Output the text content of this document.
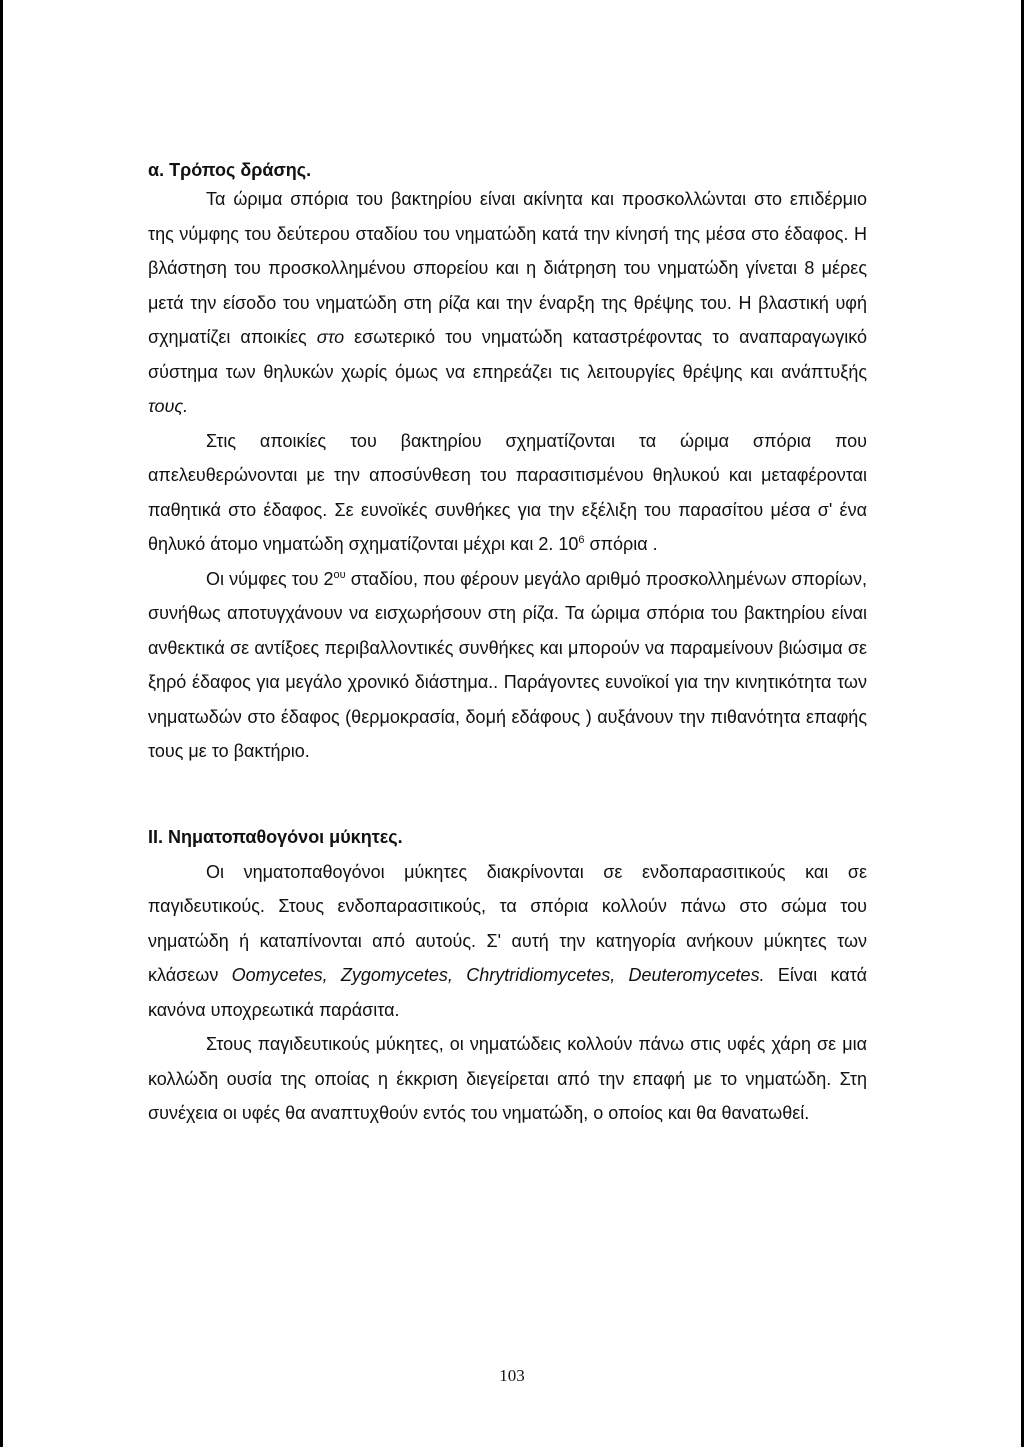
α. Τρόπος δράσης.

Τα ώριμα σπόρια του βακτηρίου είναι ακίνητα και προσκολλώνται στο επιδέρμιο της νύμφης του δεύτερου σταδίου του νηματώδη κατά την κίνησή της μέσα στο έδαφος. Η βλάστηση του προσκολλημένου σπορείου και η διάτρηση του νηματώδη γίνεται 8 μέρες μετά την είσοδο του νηματώδη στη ρίζα και την έναρξη της θρέψης του. Η βλαστική υφή σχηματίζει αποικίες στο εσωτερικό του νηματώδη καταστρέφοντας το αναπαραγωγικό σύστημα των θηλυκών χωρίς όμως να επηρεάζει τις λειτουργίες θρέψης και ανάπτυξής τους.

Στις αποικίες του βακτηρίου σχηματίζονται τα ώριμα σπόρια που απελευθερώνονται με την αποσύνθεση του παρασιτισμένου θηλυκού και μεταφέρονται παθητικά στο έδαφος. Σε ευνοϊκές συνθήκες για την εξέλιξη του παρασίτου μέσα σ' ένα θηλυκό άτομο νηματώδη σχηματίζονται μέχρι και 2. $10^6$ σπόρια .

Οι νύμφες του $2^{o\upsilon}$ σταδίου, που φέρουν μεγάλο αριθμό προσκολλημένων σπορίων, συνήθως αποτυγχάνουν να εισχωρήσουν στη ρίζα. Τα ώριμα σπόρια του βακτηρίου είναι ανθεκτικά σε αντίξοες περιβαλλοντικές συνθήκες και μπορούν να παραμείνουν βιώσιμα σε ξηρό έδαφος για μεγάλο χρονικό διάστημα.. Παράγοντες ευνοϊκοί για την κινητικότητα των νηματωδών στο έδαφος (θερμοκρασία, δομή εδάφους ) αυξάνουν την πιθανότητα επαφής τους με το βακτήριο.

ΙΙ. Νηματοπαθογόνοι μύκητες.

Οι νηματοπαθογόνοι μύκητες διακρίνονται σε ενδοπαρασιτικούς και σε παγιδευτικούς. Στους ενδοπαρασιτικούς, τα σπόρια κολλούν πάνω στο σώμα του νηματώδη ή καταπίνονται από αυτούς. Σ' αυτή την κατηγορία ανήκουν μύκητες των κλάσεων Oomycetes, Zygomycetes, Chrytridiomycetes, Deuteromycetes. Είναι κατά κανόνα υποχρεωτικά παράσιτα.

Στους παγιδευτικούς μύκητες, οι νηματώδεις κολλούν πάνω στις υφές χάρη σε μια κολλώδη ουσία της οποίας η έκκριση διεγείρεται από την επαφή με το νηματώδη. Στη συνέχεια οι υφές θα αναπτυχθούν εντός του νηματώδη, ο οποίος και θα θανατωθεί.

103
